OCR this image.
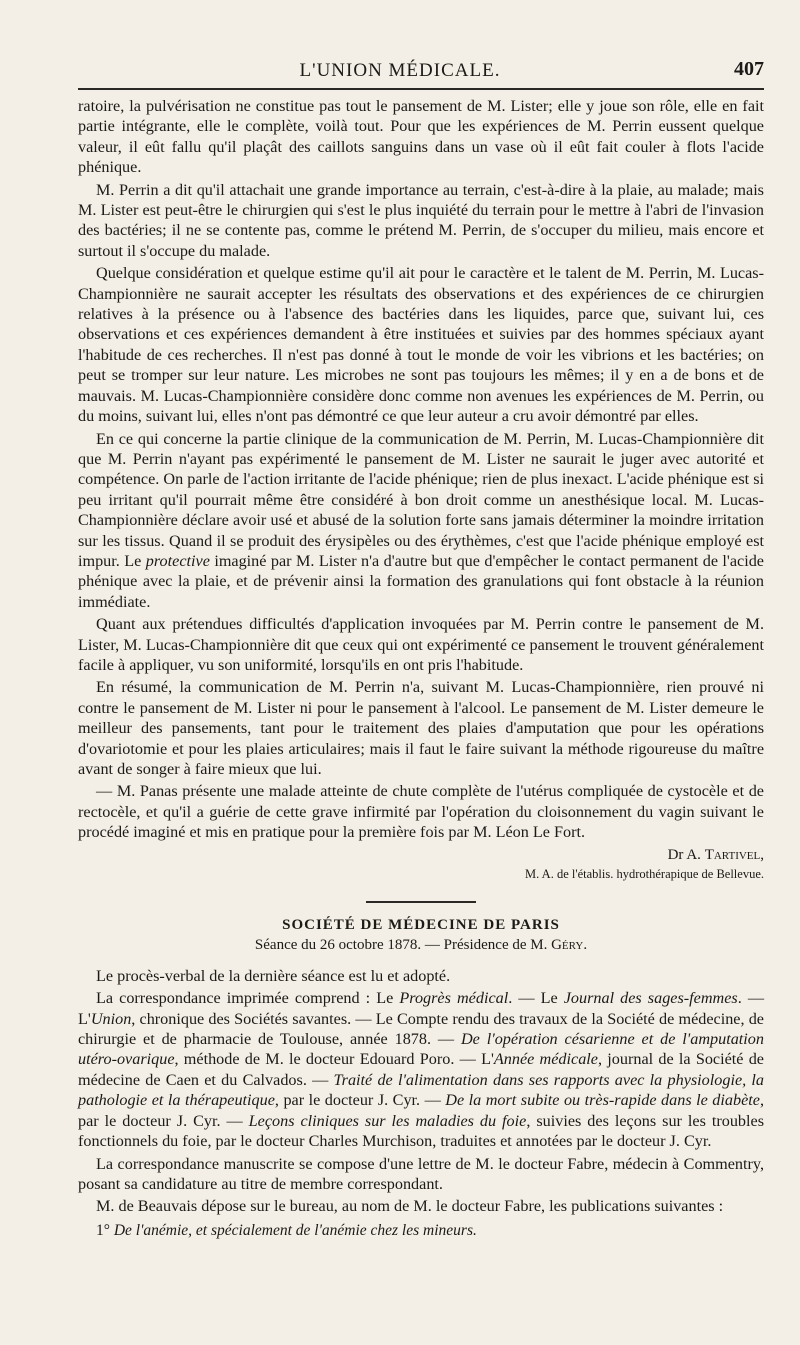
L'UNION MÉDICALE.	407

ratoire, la pulvérisation ne constitue pas tout le pansement de M. Lister; elle y joue son rôle, elle en fait partie intégrante, elle le complète, voilà tout. Pour que les expériences de M. Perrin eussent quelque valeur, il eût fallu qu'il plaçât des caillots sanguins dans un vase où il eût fait couler à flots l'acide phénique.

M. Perrin a dit qu'il attachait une grande importance au terrain, c'est-à-dire à la plaie, au malade; mais M. Lister est peut-être le chirurgien qui s'est le plus inquiété du terrain pour le mettre à l'abri de l'invasion des bactéries; il ne se contente pas, comme le prétend M. Perrin, de s'occuper du milieu, mais encore et surtout il s'occupe du malade.

Quelque considération et quelque estime qu'il ait pour le caractère et le talent de M. Perrin, M. Lucas-Championnière ne saurait accepter les résultats des observations et des expériences de ce chirurgien relatives à la présence ou à l'absence des bactéries dans les liquides, parce que, suivant lui, ces observations et ces expériences demandent à être instituées et suivies par des hommes spéciaux ayant l'habitude de ces recherches. Il n'est pas donné à tout le monde de voir les vibrions et les bactéries; on peut se tromper sur leur nature. Les microbes ne sont pas toujours les mêmes; il y en a de bons et de mauvais. M. Lucas-Championnière considère donc comme non avenues les expériences de M. Perrin, ou du moins, suivant lui, elles n'ont pas démontré ce que leur auteur a cru avoir démontré par elles.

En ce qui concerne la partie clinique de la communication de M. Perrin, M. Lucas-Championnière dit que M. Perrin n'ayant pas expérimenté le pansement de M. Lister ne saurait le juger avec autorité et compétence. On parle de l'action irritante de l'acide phénique; rien de plus inexact. L'acide phénique est si peu irritant qu'il pourrait même être considéré à bon droit comme un anesthésique local. M. Lucas-Championnière déclare avoir usé et abusé de la solution forte sans jamais déterminer la moindre irritation sur les tissus. Quand il se produit des érysipèles ou des érythèmes, c'est que l'acide phénique employé est impur. Le protective imaginé par M. Lister n'a d'autre but que d'empêcher le contact permanent de l'acide phénique avec la plaie, et de prévenir ainsi la formation des granulations qui font obstacle à la réunion immédiate.

Quant aux prétendues difficultés d'application invoquées par M. Perrin contre le pansement de M. Lister, M. Lucas-Championnière dit que ceux qui ont expérimenté ce pansement le trouvent généralement facile à appliquer, vu son uniformité, lorsqu'ils en ont pris l'habitude.

En résumé, la communication de M. Perrin n'a, suivant M. Lucas-Championnière, rien prouvé ni contre le pansement de M. Lister ni pour le pansement à l'alcool. Le pansement de M. Lister demeure le meilleur des pansements, tant pour le traitement des plaies d'amputation que pour les opérations d'ovariotomie et pour les plaies articulaires; mais il faut le faire suivant la méthode rigoureuse du maître avant de songer à faire mieux que lui.

— M. Panas présente une malade atteinte de chute complète de l'utérus compliquée de cystocèle et de rectocèle, et qu'il a guérie de cette grave infirmité par l'opération du cloisonnement du vagin suivant le procédé imaginé et mis en pratique pour la première fois par M. Léon Le Fort.

Dr A. Tartivel,
M. A. de l'établis. hydrothérapique de Bellevue.

SOCIÉTÉ DE MÉDECINE DE PARIS

Séance du 26 octobre 1878. — Présidence de M. Géry.

Le procès-verbal de la dernière séance est lu et adopté.

La correspondance imprimée comprend : Le Progrès médical. — Le Journal des sages-femmes. — L'Union, chronique des Sociétés savantes. — Le Compte rendu des travaux de la Société de médecine, de chirurgie et de pharmacie de Toulouse, année 1878. — De l'opération césarienne et de l'amputation utéro-ovarique, méthode de M. le docteur Edouard Poro. — L'Année médicale, journal de la Société de médecine de Caen et du Calvados. — Traité de l'alimentation dans ses rapports avec la physiologie, la pathologie et la thérapeutique, par le docteur J. Cyr. — De la mort subite ou très-rapide dans le diabète, par le docteur J. Cyr. — Leçons cliniques sur les maladies du foie, suivies des leçons sur les troubles fonctionnels du foie, par le docteur Charles Murchison, traduites et annotées par le docteur J. Cyr.

La correspondance manuscrite se compose d'une lettre de M. le docteur Fabre, médecin à Commentry, posant sa candidature au titre de membre correspondant.

M. de Beauvais dépose sur le bureau, au nom de M. le docteur Fabre, les publications suivantes :

1° De l'anémie, et spécialement de l'anémie chez les mineurs.
